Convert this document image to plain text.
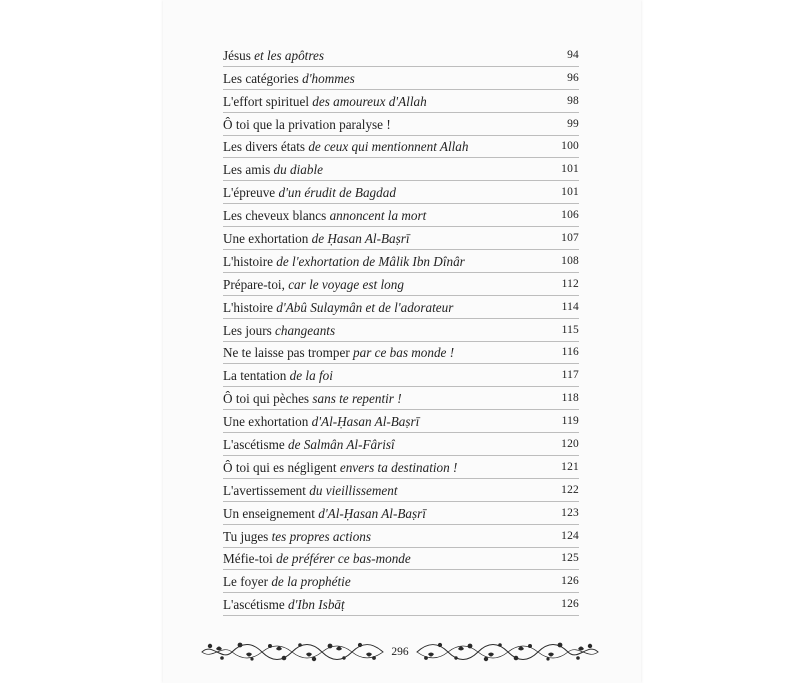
Jésus et les apôtres	94
Les catégories d'hommes	96
L'effort spirituel des amoureux d'Allah	98
Ô toi que la privation paralyse !	99
Les divers états de ceux qui mentionnent Allah	100
Les amis du diable	101
L'épreuve d'un érudit de Bagdad	101
Les cheveux blancs annoncent la mort	106
Une exhortation de Ḥasan Al-Baṣrī	107
L'histoire de l'exhortation de Mâlik Ibn Dînâr	108
Prépare-toi, car le voyage est long	112
L'histoire d'Abû Sulaymân et de l'adorateur	114
Les jours changeants	115
Ne te laisse pas tromper par ce bas monde !	116
La tentation de la foi	117
Ô toi qui pèches sans te repentir !	118
Une exhortation d'Al-Ḥasan Al-Baṣrī	119
L'ascétisme de Salmân Al-Fârisî	120
Ô toi qui es négligent envers ta destination !	121
L'avertissement du vieillissement	122
Un enseignement d'Al-Ḥasan Al-Baṣrī	123
Tu juges tes propres actions	124
Méfie-toi de préférer ce bas-monde	125
Le foyer de la prophétie	126
L'ascétisme d'Ibn Isbāṭ	126
296
